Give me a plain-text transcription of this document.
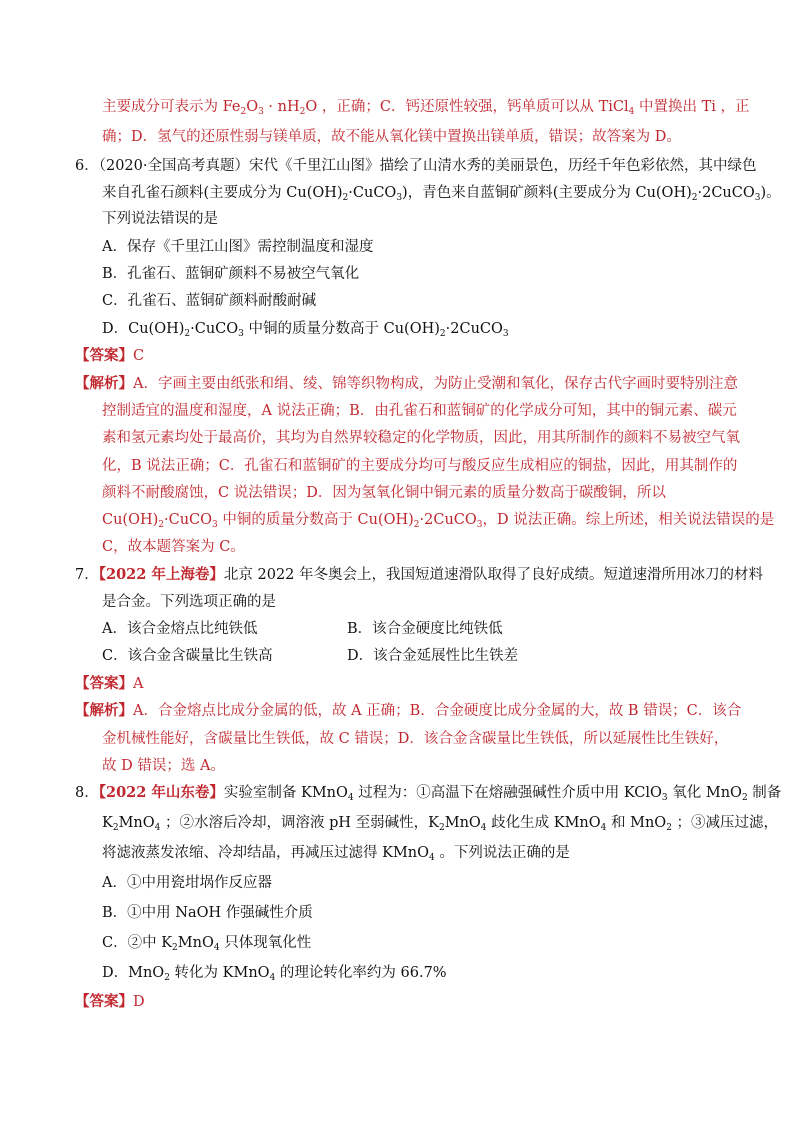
主要成分可表示为 $Fe_2O_3 \cdot nH_2O$ ，正确；C．钙还原性较强，钙单质可以从 TiCl$_4$ 中置换出 Ti ，正
确；D．氢气的还原性弱与镁单质，故不能从氧化镁中置换出镁单质，错误；故答案为 D。
6．（2020·全国高考真题）宋代《千里江山图》描绘了山清水秀的美丽景色，历经千年色彩依然，其中绿色
来自孔雀石颜料(主要成分为 $Cu(OH)_2\cdot CuCO_3$)，青色来自蓝铜矿颜料(主要成分为 $Cu(OH)_2\cdot 2CuCO_3$)。
下列说法错误的是
A．保存《千里江山图》需控制温度和湿度
B．孔雀石、蓝铜矿颜料不易被空气氧化
C．孔雀石、蓝铜矿颜料耐酸耐碱
D．$Cu(OH)_2\cdot CuCO_3$ 中铜的质量分数高于 $Cu(OH)_2\cdot 2CuCO_3$
【答案】C
【解析】A．字画主要由纸张和绢、绫、锦等织物构成，为防止受潮和氧化，保存古代字画时要特别注意
控制适宜的温度和湿度，A 说法正确；B．由孔雀石和蓝铜矿的化学成分可知，其中的铜元素、碳元
素和氢元素均处于最高价，其均为自然界较稳定的化学物质，因此，用其所制作的颜料不易被空气氧
化，B 说法正确；C．孔雀石和蓝铜矿的主要成分均可与酸反应生成相应的铜盐，因此，用其制作的
颜料不耐酸腐蚀，C 说法错误；D．因为氢氧化铜中铜元素的质量分数高于碳酸铜，所以
$Cu(OH)_2\cdot CuCO_3$ 中铜的质量分数高于 $Cu(OH)_2\cdot 2CuCO_3$，D 说法正确。综上所述，相关说法错误的是
C，故本题答案为 C。
7．【2022 年上海卷】北京 2022 年冬奥会上，我国短道速滑队取得了良好成绩。短道速滑所用冰刀的材料
是合金。下列选项正确的是
A．该合金熔点比纯铁低	B．该合金硬度比纯铁低
C．该合金含碳量比生铁高	D．该合金延展性比生铁差
【答案】A
【解析】A．合金熔点比成分金属的低，故 A 正确；B．合金硬度比成分金属的大，故 B 错误；C．该合
金机械性能好，含碳量比生铁低，故 C 错误；D．该合金含碳量比生铁低，所以延展性比生铁好，
故 D 错误；选 A。
8．【2022 年山东卷】实验室制备 KMnO$_4$ 过程为：①高温下在熔融强碱性介质中用 KClO$_3$ 氧化 MnO$_2$ 制备
$K_2MnO_4$ ；②水溶后冷却，调溶液 pH 至弱碱性，$K_2MnO_4$ 歧化生成 KMnO$_4$ 和 MnO$_2$ ；③减压过滤，
将滤液蒸发浓缩、冷却结晶，再减压过滤得 KMnO$_4$ 。下列说法正确的是
A．①中用瓷坩埚作反应器
B．①中用 NaOH 作强碱性介质
C．②中 $K_2MnO_4$ 只体现氧化性
D．MnO$_2$ 转化为 KMnO$_4$ 的理论转化率约为 66.7%
【答案】D
